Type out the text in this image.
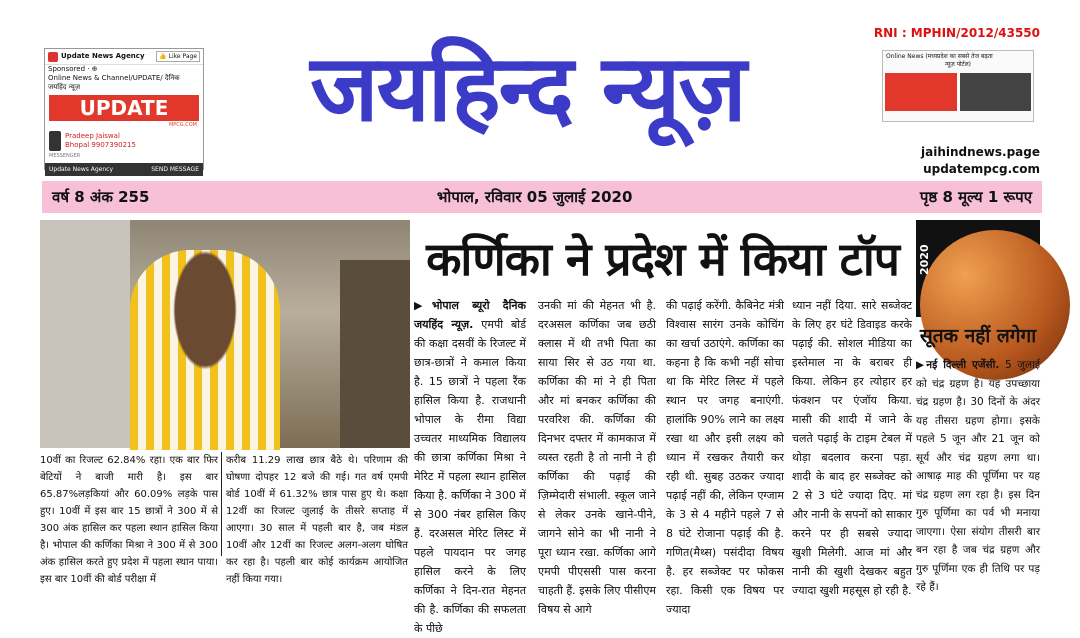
Update News Agency	👍 Like Page
Sponsored · ⊕
Online News & Channel/UPDATE/ दैनिक जयहिंद न्यूज़
UPDATE
MPCG.COM
Pradeep Jaiswal
Bhopal 9907390215
MESSENGER
Update News Agency	SEND MESSAGE
जयहिन्द न्यूज़
RNI : MPHIN/2012/43550
Online News (मध्यप्रदेश का सबसे तेज बढ़ता
न्यूज़ पोर्टल)
jaihindnews.page
updatempcg.com
वर्ष 8 अंक 255	भोपाल, रविवार 05 जुलाई 2020	पृष्ठ 8 मूल्य 1 रूपए
10वीं का रिजल्ट 62.84% रहा। एक बार फिर बेटियों ने बाजी मारी है। इस बार 65.87%लड़कियां और 60.09% लड़के पास हुए। 10वीं में इस बार 15 छात्रों ने 300 में से 300 अंक हासिल कर पहला स्थान हासिल किया है। भोपाल की कर्णिका मिश्रा ने 300 में से 300 अंक हासिल करते हुए प्रदेश में पहला स्थान पाया। इस बार 10वीं की बोर्ड परीक्षा में
करीब 11.29 लाख छात्र बैठे थे। परिणाम की घोषणा दोपहर 12 बजे की गई। गत वर्ष एमपी बोर्ड 10वीं में 61.32% छात्र पास हुए थे। कक्षा 12वीं का रिजल्ट जुलाई के तीसरे सप्ताह में आएगा। 30 साल में पहली बार है, जब मंडल 10वीं और 12वीं का रिजल्ट अलग-अलग घोषित कर रहा है। पहली बार कोई कार्यक्रम आयोजित नहीं किया गया।
कर्णिका ने प्रदेश में किया टॉप
▶भोपाल ब्यूरो दैनिक जयहिंद न्यूज़. एमपी बोर्ड की कक्षा दसवीं के रिजल्ट में छात्र-छात्रों ने कमाल किया है. 15 छात्रों ने पहला रैंक हासिल किया है. राजधानी भोपाल के रीमा विद्या उच्चतर माध्यमिक विद्यालय की छात्रा कर्णिका मिश्रा ने मेरिट में पहला स्थान हासिल किया है. कर्णिका ने 300 में से 300 नंबर हासिल किए हैं. दरअसल मेरिट लिस्ट में पहले पायदान पर जगह हासिल करने के लिए कर्णिका ने दिन-रात मेहनत की है. कर्णिका की सफलता के पीछे
उनकी मां की मेहनत भी है. दरअसल कर्णिका जब छठी क्लास में थी तभी पिता का साया सिर से उठ गया था. कर्णिका की मां ने ही पिता और मां बनकर कर्णिका की परवरिश की. कर्णिका की दिनभर दफ्तर में कामकाज में व्यस्त रहती है तो नानी ने ही कर्णिका की पढ़ाई की ज़िम्मेदारी संभाली. स्कूल जाने से लेकर उनके खाने-पीने, जागने सोने का भी नानी ने पूरा ध्यान रखा. कर्णिका आगे एमपी पीएससी पास करना चाहती हैं. इसके लिए पीसीएम विषय से आगे
की पढ़ाई करेंगी. कैबिनेट मंत्री विश्वास सारंग उनके कोचिंग का खर्चा उठाएंगे. कर्णिका का कहना है कि कभी नहीं सोचा था कि मेरिट लिस्ट में पहले स्थान पर जगह बनाएंगी. हालांकि 90% लाने का लक्ष्य रखा था और इसी लक्ष्य को ध्यान में रखकर तैयारी कर रही थी. सुबह उठकर ज्यादा पढ़ाई नहीं की, लेकिन एग्जाम के 3 से 4 महीने पहले 7 से 8 घंटे रोजाना पढ़ाई की है. गणित(मैथ्स) पसंदीदा विषय है. हर सब्जेक्ट पर फोकस रहा. किसी एक विषय पर ज्यादा
ध्यान नहीं दिया. सारे सब्जेक्ट के लिए हर घंटे डिवाइड करके पढ़ाई की. सोशल मीडिया का इस्तेमाल ना के बराबर ही किया. लेकिन हर त्योहार हर फंक्शन पर एंजॉय किया. मासी की शादी में जाने के चलते पढ़ाई के टाइम टेबल में थोड़ा बदलाव करना पड़ा. शादी के बाद हर सब्जेक्ट को 2 से 3 घंटे ज्यादा दिए. मां और नानी के सपनों को साकार करने पर ही सबसे ज्यादा खुशी मिलेगी. आज मां और नानी की खुशी देखकर बहुत ज्यादा खुशी महसूस हो रही है.
2020
सूतक नहीं लगेगा
▶नई दिल्ली एजेंसी. 5 जुलाई को चंद्र ग्रहण है। यह उपच्छाया चंद्र ग्रहण है। 30 दिनों के अंदर यह तीसरा ग्रहण होगा। इसके पहले 5 जून और 21 जून को सूर्य और चंद्र ग्रहण लगा था। आषाढ़ माह की पूर्णिमा पर यह चंद्र ग्रहण लग रहा है। इस दिन गुरु पूर्णिमा का पर्व भी मनाया जाएगा। ऐसा संयोग तीसरी बार बन रहा है जब चंद्र ग्रहण और गुरु पूर्णिमा एक ही तिथि पर पड़ रहे हैं।
